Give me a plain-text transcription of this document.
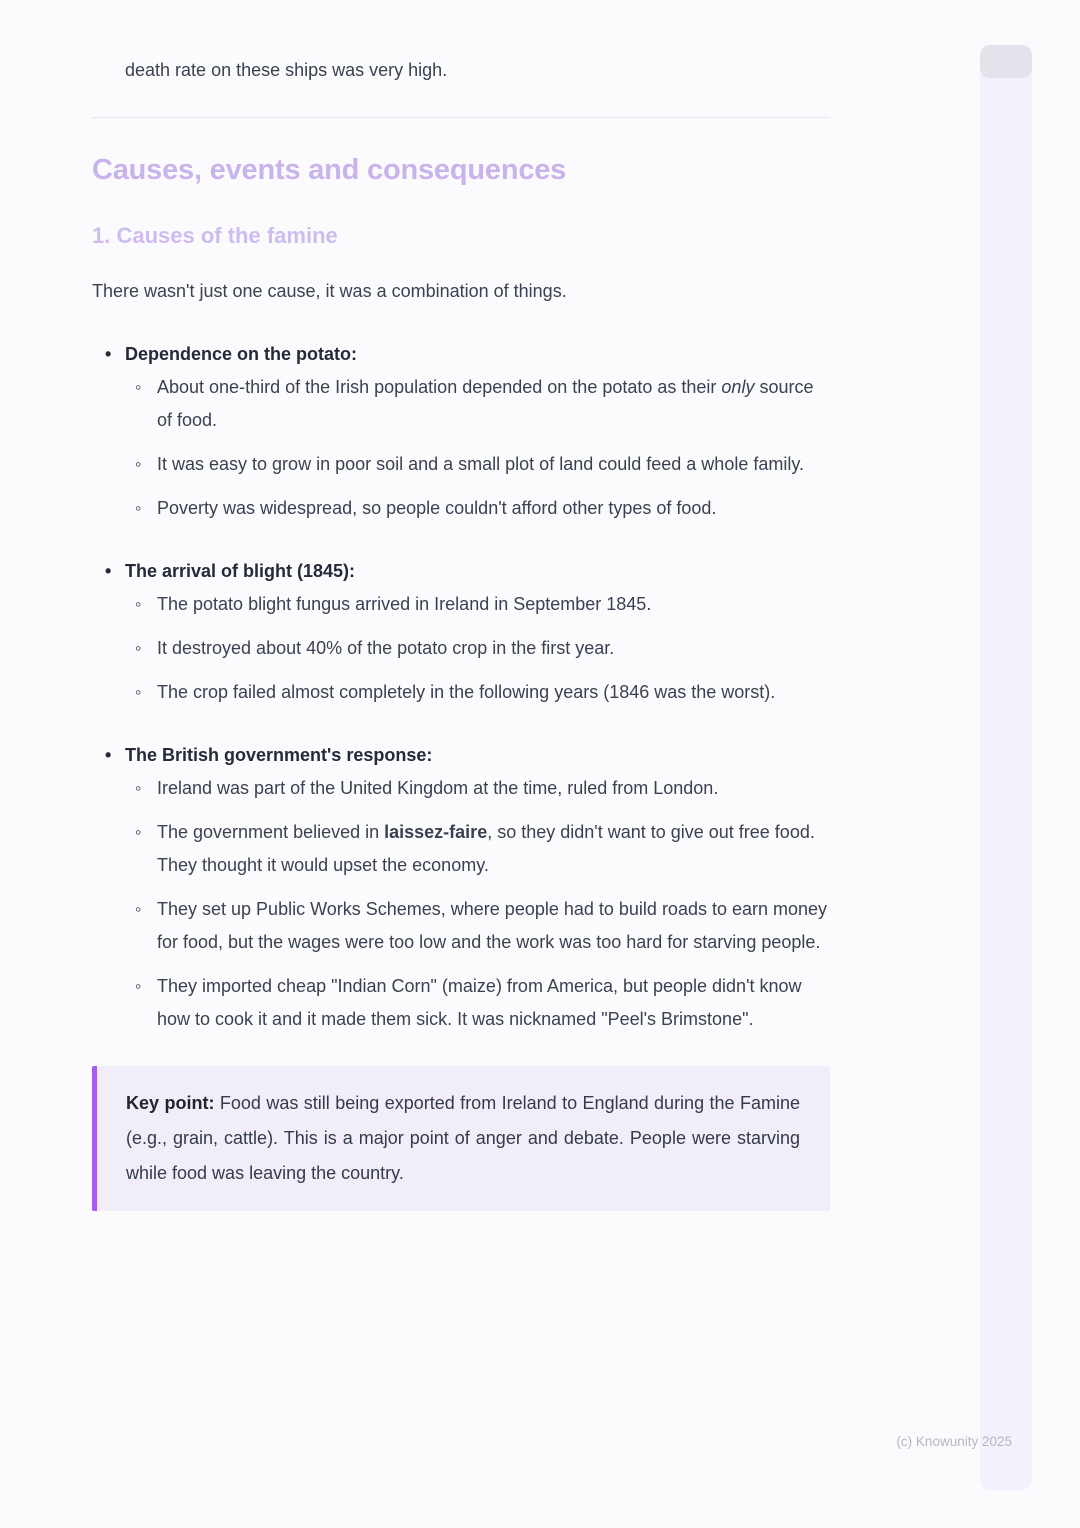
death rate on these ships was very high.

Causes, events and consequences
1. Causes of the famine

There wasn't just one cause, it was a combination of things.

• Dependence on the potato:
◦ About one-third of the Irish population depended on the potato as their only source of food.
◦ It was easy to grow in poor soil and a small plot of land could feed a whole family.
◦ Poverty was widespread, so people couldn't afford other types of food.
• The arrival of blight (1845):
◦ The potato blight fungus arrived in Ireland in September 1845.
◦ It destroyed about 40% of the potato crop in the first year.
◦ The crop failed almost completely in the following years (1846 was the worst).
• The British government's response:
◦ Ireland was part of the United Kingdom at the time, ruled from London.
◦ The government believed in laissez-faire, so they didn't want to give out free food. They thought it would upset the economy.
◦ They set up Public Works Schemes, where people had to build roads to earn money for food, but the wages were too low and the work was too hard for starving people.
◦ They imported cheap "Indian Corn" (maize) from America, but people didn't know how to cook it and it made them sick. It was nicknamed "Peel's Brimstone".

Key point: Food was still being exported from Ireland to England during the Famine (e.g., grain, cattle). This is a major point of anger and debate. People were starving while food was leaving the country.

(c) Knowunity 2025
